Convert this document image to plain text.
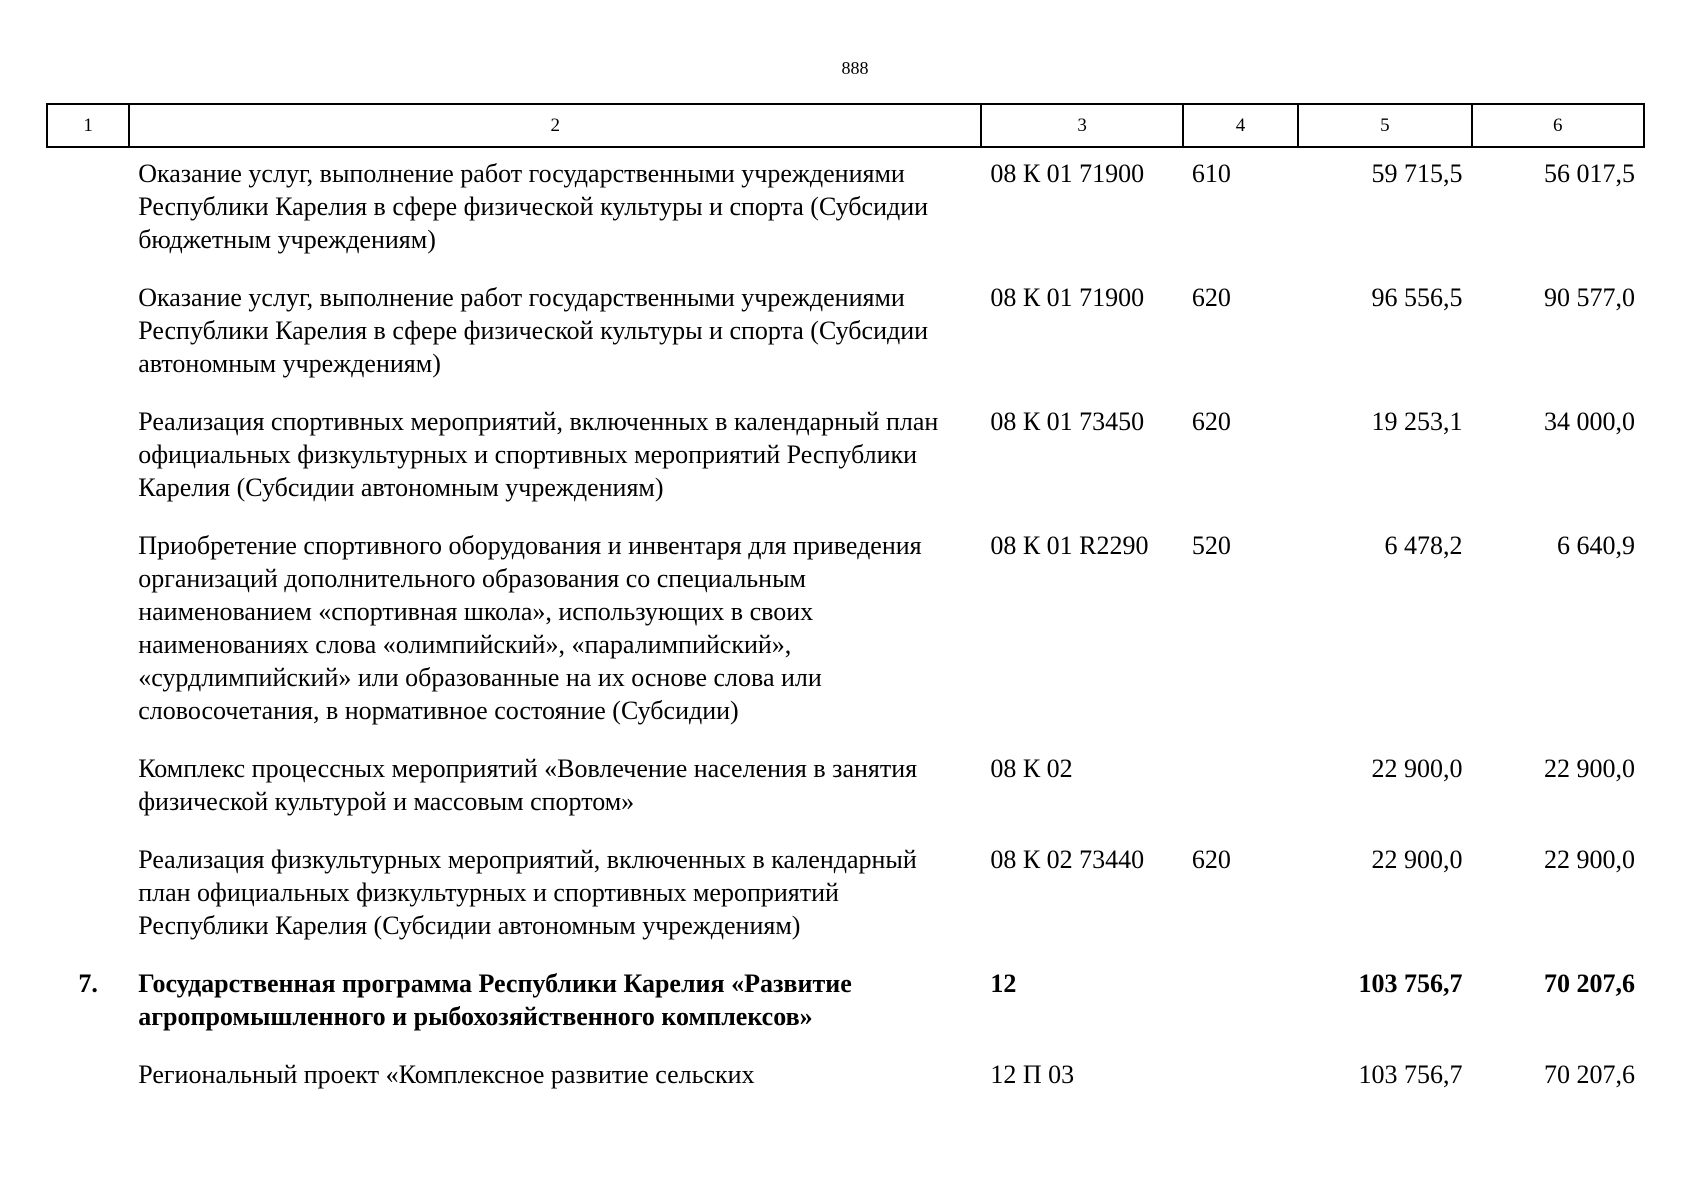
888
1	2	3	4	5	6
	Оказание услуг, выполнение работ государственными учреждениями Республики Карелия в сфере физической культуры и спорта (Субсидии бюджетным учреждениям)	08 К 01 71900	610	59 715,5	56 017,5
	Оказание услуг, выполнение работ государственными учреждениями Республики Карелия в сфере физической культуры и спорта (Субсидии автономным учреждениям)	08 К 01 71900	620	96 556,5	90 577,0
	Реализация спортивных мероприятий, включенных в календарный план официальных физкультурных и спортивных мероприятий Республики Карелия (Субсидии автономным учреждениям)	08 К 01 73450	620	19 253,1	34 000,0
	Приобретение спортивного оборудования и инвентаря для приведения организаций дополнительного образования со специальным наименованием «спортивная школа», использующих в своих наименованиях слова «олимпийский», «паралимпийский», «сурдлимпийский» или образованные на их основе слова или словосочетания, в нормативное состояние (Субсидии)	08 К 01 R2290	520	6 478,2	6 640,9
	Комплекс процессных мероприятий «Вовлечение населения в занятия физической культурой и массовым спортом»	08 К 02		22 900,0	22 900,0
	Реализация физкультурных мероприятий, включенных в календарный план официальных физкультурных и спортивных мероприятий Республики Карелия (Субсидии автономным учреждениям)	08 К 02 73440	620	22 900,0	22 900,0
7.	Государственная программа Республики Карелия «Развитие агропромышленного и рыбохозяйственного комплексов»	12		103 756,7	70 207,6
	Региональный проект «Комплексное развитие сельских	12 П 03		103 756,7	70 207,6
